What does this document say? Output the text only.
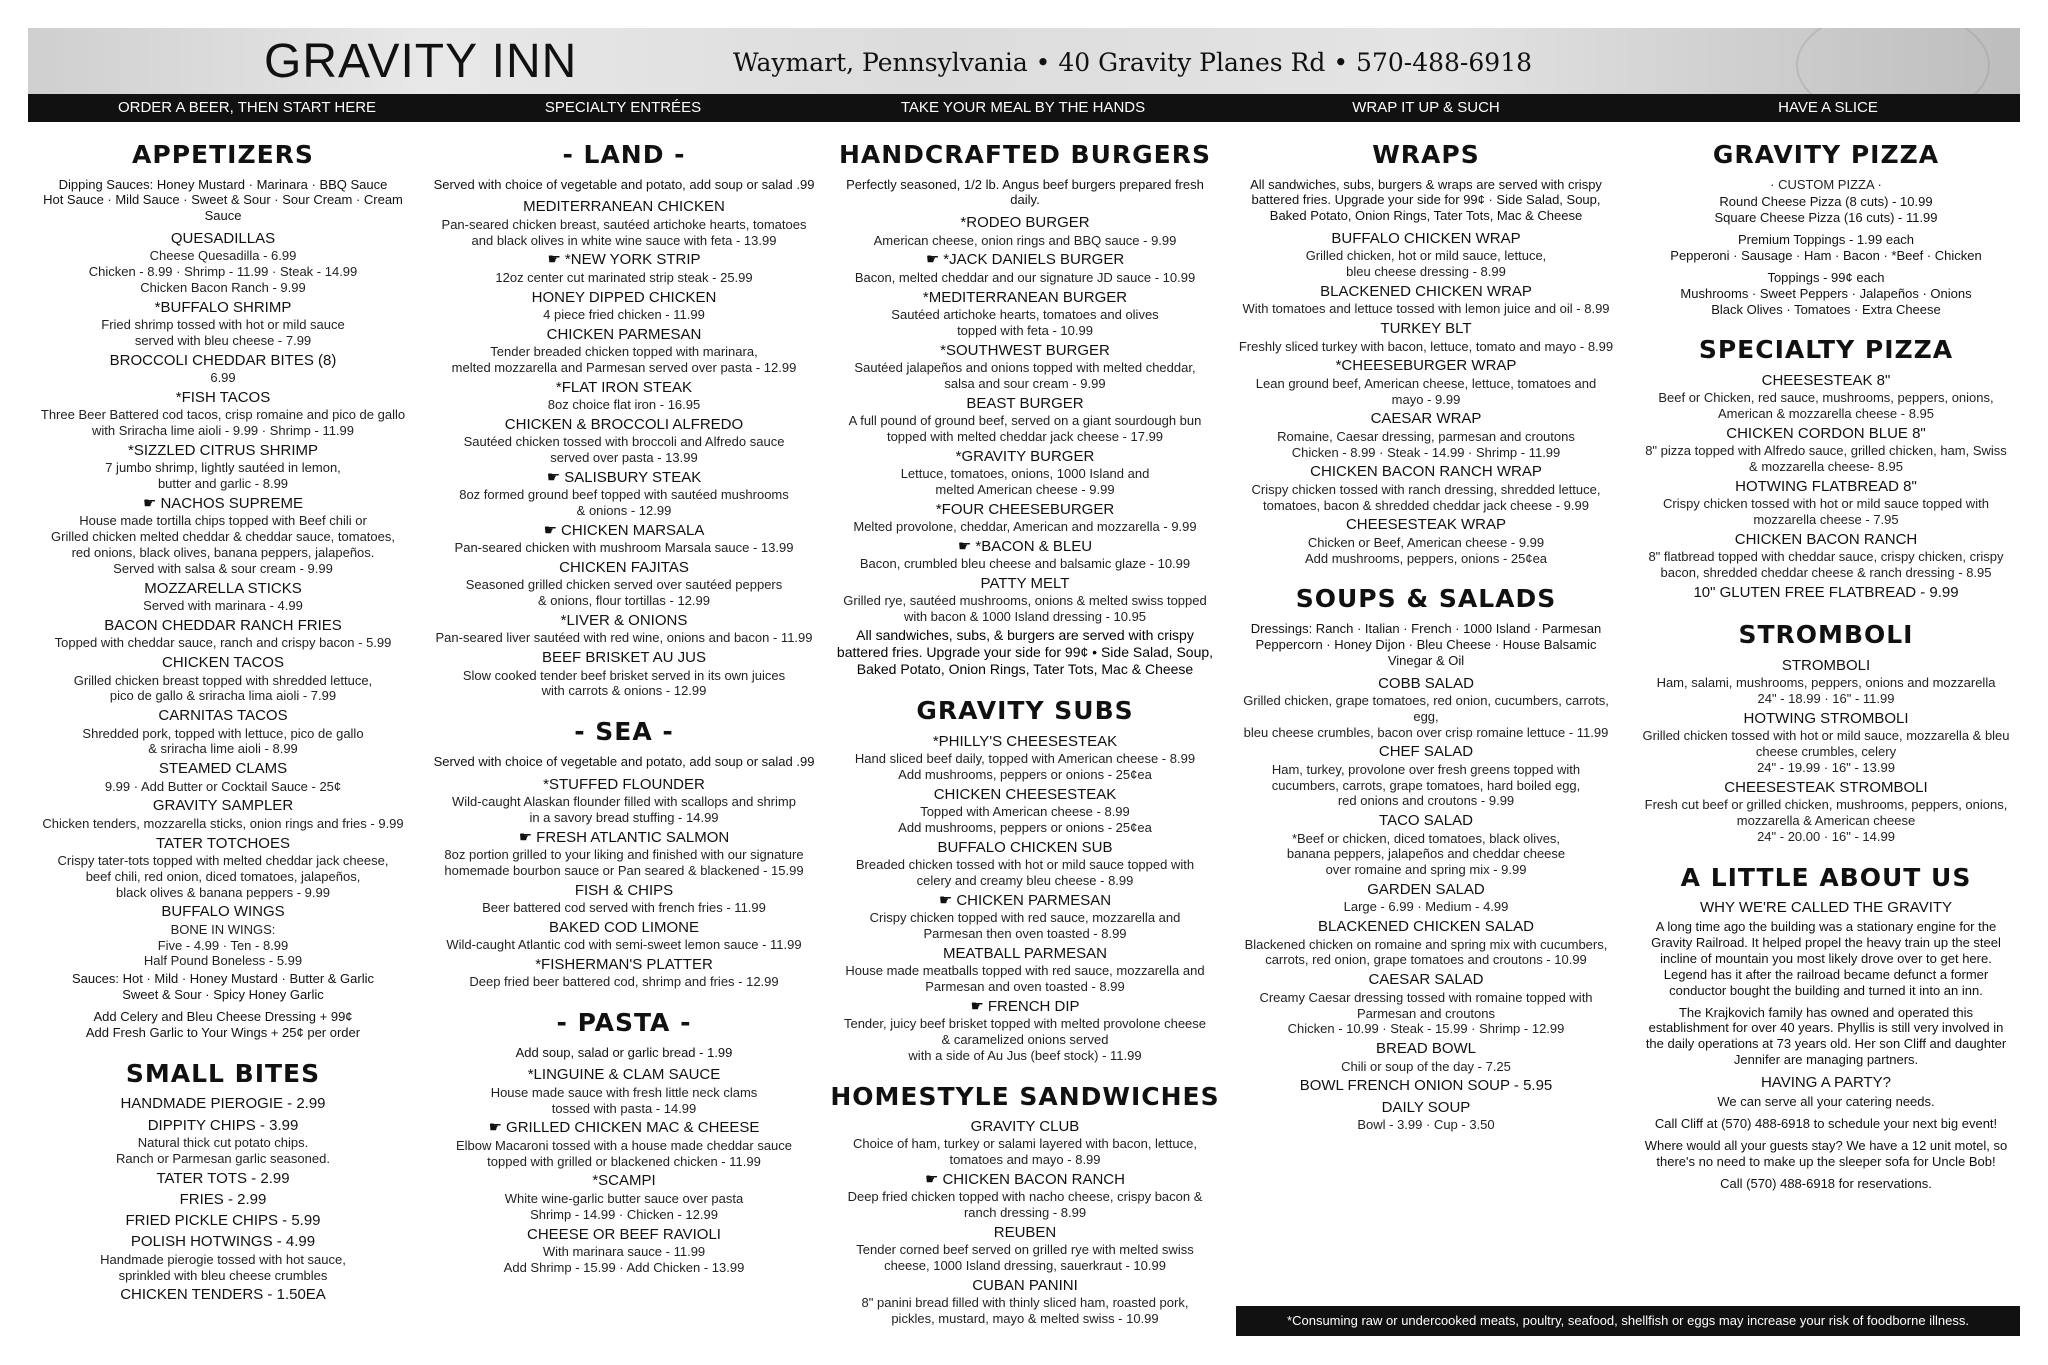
GRAVITY INN	Waymart, Pennsylvania • 40 Gravity Planes Rd • 570-488-6918
ORDER A BEER, THEN START HERE	SPECIALTY ENTRÉES	TAKE YOUR MEAL BY THE HANDS	WRAP IT UP & SUCH	HAVE A SLICE
APPETIZERS
Dipping Sauces: Honey Mustard · Marinara · BBQ Sauce
Hot Sauce · Mild Sauce · Sweet & Sour · Sour Cream · Cream Sauce
QUESADILLAS
Cheese Quesadilla - 6.99
Chicken - 8.99 · Shrimp - 11.99 · Steak - 14.99
Chicken Bacon Ranch - 9.99
*BUFFALO SHRIMP
Fried shrimp tossed with hot or mild sauce
served with bleu cheese - 7.99
BROCCOLI CHEDDAR BITES (8)
6.99
*FISH TACOS
Three Beer Battered cod tacos, crisp romaine and pico de gallo
with Sriracha lime aioli - 9.99 · Shrimp - 11.99
*SIZZLED CITRUS SHRIMP
7 jumbo shrimp, lightly sautéed in lemon,
butter and garlic - 8.99
☛ NACHOS SUPREME
House made tortilla chips topped with Beef chili or
Grilled chicken melted cheddar & cheddar sauce, tomatoes,
red onions, black olives, banana peppers, jalapeños.
Served with salsa & sour cream - 9.99
MOZZARELLA STICKS
Served with marinara - 4.99
BACON CHEDDAR RANCH FRIES
Topped with cheddar sauce, ranch and crispy bacon - 5.99
CHICKEN TACOS
Grilled chicken breast topped with shredded lettuce,
pico de gallo & sriracha lima aioli - 7.99
CARNITAS TACOS
Shredded pork, topped with lettuce, pico de gallo
& sriracha lime aioli - 8.99
STEAMED CLAMS
9.99 · Add Butter or Cocktail Sauce - 25¢
GRAVITY SAMPLER
Chicken tenders, mozzarella sticks, onion rings and fries - 9.99
TATER TOTCHOES
Crispy tater-tots topped with melted cheddar jack cheese,
beef chili, red onion, diced tomatoes, jalapeños,
black olives & banana peppers - 9.99
BUFFALO WINGS
BONE IN WINGS:
Five - 4.99 · Ten - 8.99
Half Pound Boneless - 5.99
Sauces: Hot · Mild · Honey Mustard · Butter & Garlic
Sweet & Sour · Spicy Honey Garlic
Add Celery and Bleu Cheese Dressing + 99¢
Add Fresh Garlic to Your Wings + 25¢ per order
SMALL BITES
HANDMADE PIEROGIE - 2.99
DIPPITY CHIPS - 3.99
Natural thick cut potato chips.
Ranch or Parmesan garlic seasoned.
TATER TOTS - 2.99
FRIES - 2.99
FRIED PICKLE CHIPS - 5.99
POLISH HOTWINGS - 4.99
Handmade pierogie tossed with hot sauce,
sprinkled with bleu cheese crumbles
CHICKEN TENDERS - 1.50EA
- LAND -
Served with choice of vegetable and potato, add soup or salad .99
MEDITERRANEAN CHICKEN
Pan-seared chicken breast, sautéed artichoke hearts, tomatoes
and black olives in white wine sauce with feta - 13.99
☛ *NEW YORK STRIP
12oz center cut marinated strip steak - 25.99
HONEY DIPPED CHICKEN
4 piece fried chicken - 11.99
CHICKEN PARMESAN
Tender breaded chicken topped with marinara,
melted mozzarella and Parmesan served over pasta - 12.99
*FLAT IRON STEAK
8oz choice flat iron - 16.95
CHICKEN & BROCCOLI ALFREDO
Sautéed chicken tossed with broccoli and Alfredo sauce
served over pasta - 13.99
☛ SALISBURY STEAK
8oz formed ground beef topped with sautéed mushrooms
& onions - 12.99
☛ CHICKEN MARSALA
Pan-seared chicken with mushroom Marsala sauce - 13.99
CHICKEN FAJITAS
Seasoned grilled chicken served over sautéed peppers
& onions, flour tortillas - 12.99
*LIVER & ONIONS
Pan-seared liver sautéed with red wine, onions and bacon - 11.99
BEEF BRISKET AU JUS
Slow cooked tender beef brisket served in its own juices
with carrots & onions - 12.99
- SEA -
Served with choice of vegetable and potato, add soup or salad .99
*STUFFED FLOUNDER
Wild-caught Alaskan flounder filled with scallops and shrimp
in a savory bread stuffing - 14.99
☛ FRESH ATLANTIC SALMON
8oz portion grilled to your liking and finished with our signature
homemade bourbon sauce or Pan seared & blackened - 15.99
FISH & CHIPS
Beer battered cod served with french fries - 11.99
BAKED COD LIMONE
Wild-caught Atlantic cod with semi-sweet lemon sauce - 11.99
*FISHERMAN'S PLATTER
Deep fried beer battered cod, shrimp and fries - 12.99
- PASTA -
Add soup, salad or garlic bread - 1.99
*LINGUINE & CLAM SAUCE
House made sauce with fresh little neck clams
tossed with pasta - 14.99
☛ GRILLED CHICKEN MAC & CHEESE
Elbow Macaroni tossed with a house made cheddar sauce
topped with grilled or blackened chicken - 11.99
*SCAMPI
White wine-garlic butter sauce over pasta
Shrimp - 14.99 · Chicken - 12.99
CHEESE OR BEEF RAVIOLI
With marinara sauce - 11.99
Add Shrimp - 15.99 · Add Chicken - 13.99
HANDCRAFTED BURGERS
Perfectly seasoned, 1/2 lb. Angus beef burgers prepared fresh daily.
*RODEO BURGER
American cheese, onion rings and BBQ sauce - 9.99
☛ *JACK DANIELS BURGER
Bacon, melted cheddar and our signature JD sauce - 10.99
*MEDITERRANEAN BURGER
Sautéed artichoke hearts, tomatoes and olives
topped with feta - 10.99
*SOUTHWEST BURGER
Sautéed jalapeños and onions topped with melted cheddar,
salsa and sour cream - 9.99
BEAST BURGER
A full pound of ground beef, served on a giant sourdough bun
topped with melted cheddar jack cheese - 17.99
*GRAVITY BURGER
Lettuce, tomatoes, onions, 1000 Island and
melted American cheese - 9.99
*FOUR CHEESEBURGER
Melted provolone, cheddar, American and mozzarella - 9.99
☛ *BACON & BLEU
Bacon, crumbled bleu cheese and balsamic glaze - 10.99
PATTY MELT
Grilled rye, sautéed mushrooms, onions & melted swiss topped
with bacon & 1000 Island dressing - 10.95
All sandwiches, subs, & burgers are served with crispy
battered fries. Upgrade your side for 99¢ • Side Salad, Soup,
Baked Potato, Onion Rings, Tater Tots, Mac & Cheese
GRAVITY SUBS
*PHILLY'S CHEESESTEAK
Hand sliced beef daily, topped with American cheese - 8.99
Add mushrooms, peppers or onions - 25¢ea
CHICKEN CHEESESTEAK
Topped with American cheese - 8.99
Add mushrooms, peppers or onions - 25¢ea
BUFFALO CHICKEN SUB
Breaded chicken tossed with hot or mild sauce topped with
celery and creamy bleu cheese - 8.99
☛ CHICKEN PARMESAN
Crispy chicken topped with red sauce, mozzarella and
Parmesan then oven toasted - 8.99
MEATBALL PARMESAN
House made meatballs topped with red sauce, mozzarella and
Parmesan and oven toasted - 8.99
☛ FRENCH DIP
Tender, juicy beef brisket topped with melted provolone cheese
& caramelized onions served
with a side of Au Jus (beef stock) - 11.99
HOMESTYLE SANDWICHES
GRAVITY CLUB
Choice of ham, turkey or salami layered with bacon, lettuce,
tomatoes and mayo - 8.99
☛ CHICKEN BACON RANCH
Deep fried chicken topped with nacho cheese, crispy bacon &
ranch dressing - 8.99
REUBEN
Tender corned beef served on grilled rye with melted swiss
cheese, 1000 Island dressing, sauerkraut - 10.99
CUBAN PANINI
8" panini bread filled with thinly sliced ham, roasted pork,
pickles, mustard, mayo & melted swiss - 10.99
WRAPS
All sandwiches, subs, burgers & wraps are served with crispy
battered fries. Upgrade your side for 99¢ · Side Salad, Soup,
Baked Potato, Onion Rings, Tater Tots, Mac & Cheese
BUFFALO CHICKEN WRAP
Grilled chicken, hot or mild sauce, lettuce,
bleu cheese dressing - 8.99
BLACKENED CHICKEN WRAP
With tomatoes and lettuce tossed with lemon juice and oil - 8.99
TURKEY BLT
Freshly sliced turkey with bacon, lettuce, tomato and mayo - 8.99
*CHEESEBURGER WRAP
Lean ground beef, American cheese, lettuce, tomatoes and
mayo - 9.99
CAESAR WRAP
Romaine, Caesar dressing, parmesan and croutons
Chicken - 8.99 · Steak - 14.99 · Shrimp - 11.99
CHICKEN BACON RANCH WRAP
Crispy chicken tossed with ranch dressing, shredded lettuce,
tomatoes, bacon & shredded cheddar jack cheese - 9.99
CHEESESTEAK WRAP
Chicken or Beef, American cheese - 9.99
Add mushrooms, peppers, onions - 25¢ea
SOUPS & SALADS
Dressings: Ranch · Italian · French · 1000 Island · Parmesan
Peppercorn · Honey Dijon · Bleu Cheese · House Balsamic
Vinegar & Oil
COBB SALAD
Grilled chicken, grape tomatoes, red onion, cucumbers, carrots, egg,
bleu cheese crumbles, bacon over crisp romaine lettuce - 11.99
CHEF SALAD
Ham, turkey, provolone over fresh greens topped with
cucumbers, carrots, grape tomatoes, hard boiled egg,
red onions and croutons - 9.99
TACO SALAD
*Beef or chicken, diced tomatoes, black olives,
banana peppers, jalapeños and cheddar cheese
over romaine and spring mix - 9.99
GARDEN SALAD
Large - 6.99 · Medium - 4.99
BLACKENED CHICKEN SALAD
Blackened chicken on romaine and spring mix with cucumbers,
carrots, red onion, grape tomatoes and croutons - 10.99
CAESAR SALAD
Creamy Caesar dressing tossed with romaine topped with
Parmesan and croutons
Chicken - 10.99 · Steak - 15.99 · Shrimp - 12.99
BREAD BOWL
Chili or soup of the day - 7.25
BOWL FRENCH ONION SOUP - 5.95
DAILY SOUP
Bowl - 3.99 · Cup - 3.50
GRAVITY PIZZA
· CUSTOM PIZZA ·
Round Cheese Pizza (8 cuts) - 10.99
Square Cheese Pizza (16 cuts) - 11.99
Premium Toppings - 1.99 each
Pepperoni · Sausage · Ham · Bacon · *Beef · Chicken
Toppings - 99¢ each
Mushrooms · Sweet Peppers · Jalapeños · Onions
Black Olives · Tomatoes · Extra Cheese
SPECIALTY PIZZA
CHEESESTEAK 8"
Beef or Chicken, red sauce, mushrooms, peppers, onions,
American & mozzarella cheese - 8.95
CHICKEN CORDON BLUE 8"
8" pizza topped with Alfredo sauce, grilled chicken, ham, Swiss
& mozzarella cheese- 8.95
HOTWING FLATBREAD 8"
Crispy chicken tossed with hot or mild sauce topped with
mozzarella cheese - 7.95
CHICKEN BACON RANCH
8" flatbread topped with cheddar sauce, crispy chicken, crispy
bacon, shredded cheddar cheese & ranch dressing - 8.95
10" GLUTEN FREE FLATBREAD - 9.99
STROMBOLI
STROMBOLI
Ham, salami, mushrooms, peppers, onions and mozzarella
24" - 18.99 · 16" - 11.99
HOTWING STROMBOLI
Grilled chicken tossed with hot or mild sauce, mozzarella & bleu
cheese crumbles, celery
24" - 19.99 · 16" - 13.99
CHEESESTEAK STROMBOLI
Fresh cut beef or grilled chicken, mushrooms, peppers, onions,
mozzarella & American cheese
24" - 20.00 · 16" - 14.99
A LITTLE ABOUT US
WHY WE'RE CALLED THE GRAVITY
A long time ago the building was a stationary engine for the
Gravity Railroad. It helped propel the heavy train up the steel
incline of mountain you most likely drove over to get here.
Legend has it after the railroad became defunct a former
conductor bought the building and turned it into an inn.
The Krajkovich family has owned and operated this
establishment for over 40 years. Phyllis is still very involved in
the daily operations at 73 years old. Her son Cliff and daughter
Jennifer are managing partners.
HAVING A PARTY?
We can serve all your catering needs.
Call Cliff at (570) 488-6918 to schedule your next big event!
Where would all your guests stay? We have a 12 unit motel, so
there's no need to make up the sleeper sofa for Uncle Bob!
Call (570) 488-6918 for reservations.
*Consuming raw or undercooked meats, poultry, seafood, shellfish or eggs may increase your risk of foodborne illness.
